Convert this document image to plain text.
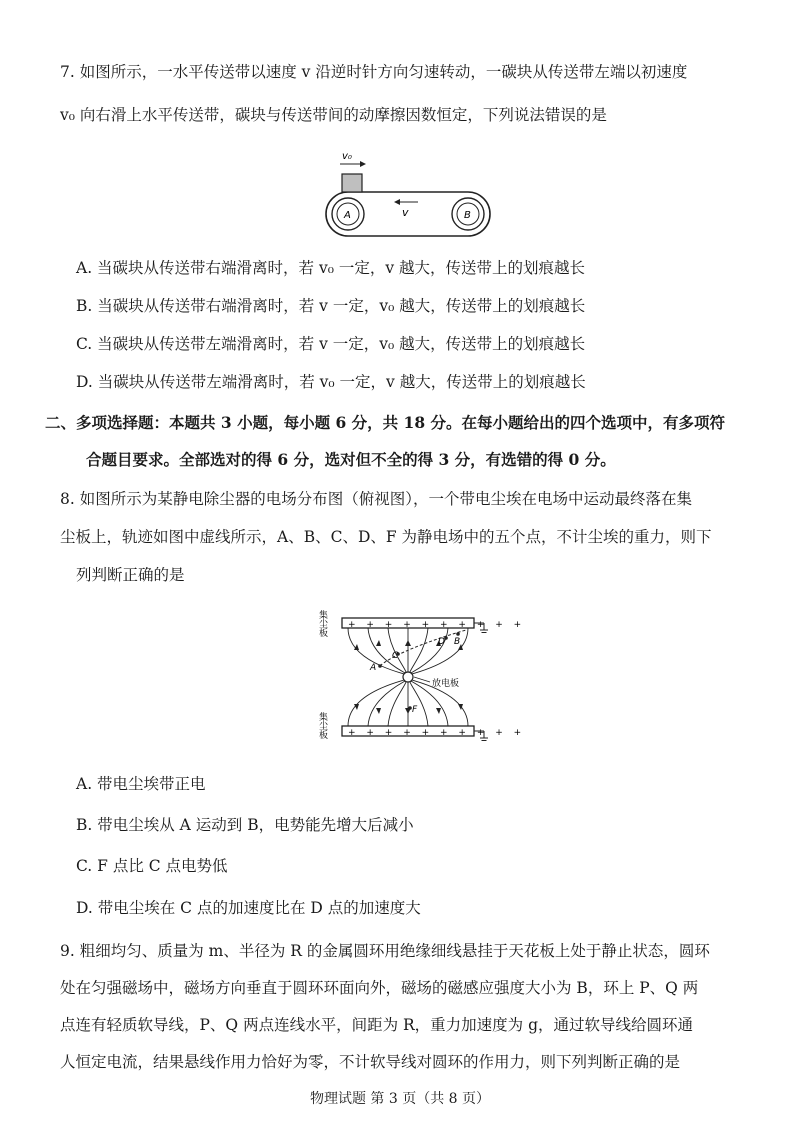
7. 如图所示，一水平传送带以速度 v 沿逆时针方向匀速转动，一碳块从传送带左端以初速度
v₀ 向右滑上水平传送带，碳块与传送带间的动摩擦因数恒定，下列说法错误的是
A	B
v₀
v
A. 当碳块从传送带右端滑离时，若 v₀ 一定，v 越大，传送带上的划痕越长
B. 当碳块从传送带右端滑离时，若 v 一定，v₀ 越大，传送带上的划痕越长
C. 当碳块从传送带左端滑离时，若 v 一定，v₀ 越大，传送带上的划痕越长
D. 当碳块从传送带左端滑离时，若 v₀ 一定，v 越大，传送带上的划痕越长
二、多项选择题：本题共 3 小题，每小题 6 分，共 18 分。在每小题给出的四个选项中，有多项符
合题目要求。全部选对的得 6 分，选对但不全的得 3 分，有选错的得 0 分。
8. 如图所示为某静电除尘器的电场分布图（俯视图），一个带电尘埃在电场中运动最终落在集
尘板上，轨迹如图中虚线所示，A、B、C、D、F 为静电场中的五个点，不计尘埃的重力，则下
列判断正确的是
集尘板
集尘板
+ + + + + + + + + +
+ + + + + + + + + +
放电板
A
C
D B
F
A. 带电尘埃带正电
B. 带电尘埃从 A 运动到 B，电势能先增大后减小
C. F 点比 C 点电势低
D. 带电尘埃在 C 点的加速度比在 D 点的加速度大
9. 粗细均匀、质量为 m、半径为 R 的金属圆环用绝缘细线悬挂于天花板上处于静止状态，圆环
处在匀强磁场中，磁场方向垂直于圆环环面向外，磁场的磁感应强度大小为 B，环上 P、Q 两
点连有轻质软导线，P、Q 两点连线水平，间距为 R，重力加速度为 g，通过软导线给圆环通
人恒定电流，结果悬线作用力恰好为零，不计软导线对圆环的作用力，则下列判断正确的是
物理试题 第 3 页（共 8 页）
